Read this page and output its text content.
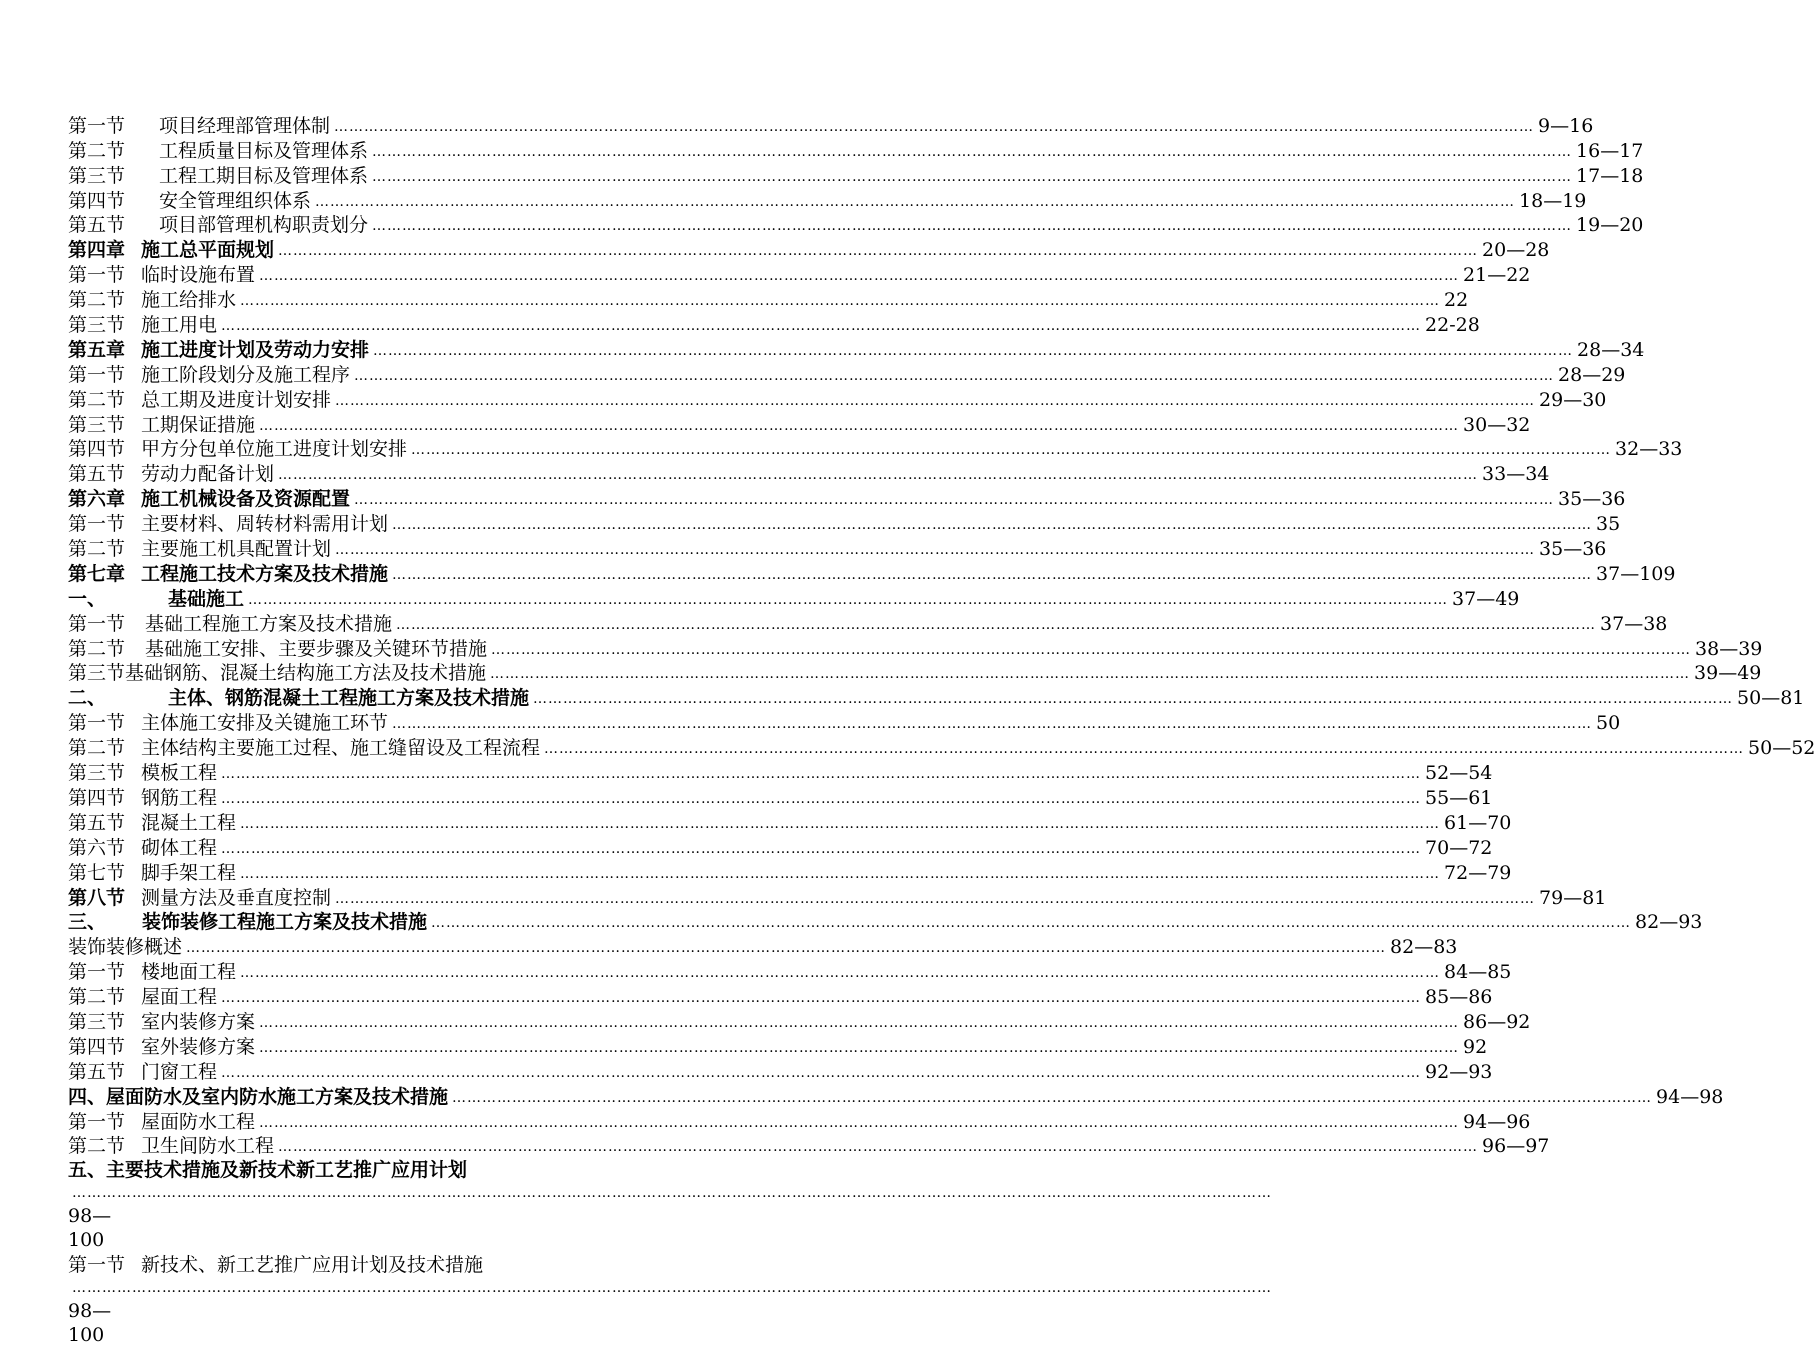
第一节 项目经理部管理体制 …………………………………………………………………………………………………………………………………………………………………………………………………………………… 9—16
第二节 工程质量目标及管理体系 …………………………………………………………………………………………………………………………………………………………………………………………………………………… 16—17
第三节 工程工期目标及管理体系 …………………………………………………………………………………………………………………………………………………………………………………………………………………… 17—18
第四节 安全管理组织体系 …………………………………………………………………………………………………………………………………………………………………………………………………………………… 18—19
第五节 项目部管理机构职责划分 …………………………………………………………………………………………………………………………………………………………………………………………………………………… 19—20
第四章 施工总平面规划 …………………………………………………………………………………………………………………………………………………………………………………………………………………… 20—28
第一节 临时设施布置 …………………………………………………………………………………………………………………………………………………………………………………………………………………… 21—22
第二节 施工给排水 …………………………………………………………………………………………………………………………………………………………………………………………………………………… 22
第三节 施工用电 …………………………………………………………………………………………………………………………………………………………………………………………………………………… 22-28
第五章 施工进度计划及劳动力安排 …………………………………………………………………………………………………………………………………………………………………………………………………………………… 28—34
第一节 施工阶段划分及施工程序 …………………………………………………………………………………………………………………………………………………………………………………………………………………… 28—29
第二节 总工期及进度计划安排 …………………………………………………………………………………………………………………………………………………………………………………………………………………… 29—30
第三节 工期保证措施 …………………………………………………………………………………………………………………………………………………………………………………………………………………… 30—32
第四节 甲方分包单位施工进度计划安排 …………………………………………………………………………………………………………………………………………………………………………………………………………………… 32—33
第五节 劳动力配备计划 …………………………………………………………………………………………………………………………………………………………………………………………………………………… 33—34
第六章 施工机械设备及资源配置 …………………………………………………………………………………………………………………………………………………………………………………………………………………… 35—36
第一节 主要材料、周转材料需用计划 …………………………………………………………………………………………………………………………………………………………………………………………………………………… 35
第二节 主要施工机具配置计划 …………………………………………………………………………………………………………………………………………………………………………………………………………………… 35—36
第七章 工程施工技术方案及技术措施 …………………………………………………………………………………………………………………………………………………………………………………………………………………… 37—109
一、	基础施工 …………………………………………………………………………………………………………………………………………………………………………………………………………………… 37—49
第一节 基础工程施工方案及技术措施 …………………………………………………………………………………………………………………………………………………………………………………………………………………… 37—38
第二节 基础施工安排、主要步骤及关键环节措施 …………………………………………………………………………………………………………………………………………………………………………………………………………………… 38—39
第三节基础钢筋、混凝土结构施工方法及技术措施 …………………………………………………………………………………………………………………………………………………………………………………………………………………… 39—49
二、	主体、钢筋混凝土工程施工方案及技术措施 …………………………………………………………………………………………………………………………………………………………………………………………………………………… 50—81
第一节 主体施工安排及关键施工环节 …………………………………………………………………………………………………………………………………………………………………………………………………………………… 50
第二节 主体结构主要施工过程、施工缝留设及工程流程 …………………………………………………………………………………………………………………………………………………………………………………………………………………… 50—52
第三节 模板工程 …………………………………………………………………………………………………………………………………………………………………………………………………………………… 52—54
第四节 钢筋工程 …………………………………………………………………………………………………………………………………………………………………………………………………………………… 55—61
第五节 混凝土工程 …………………………………………………………………………………………………………………………………………………………………………………………………………………… 61—70
第六节 砌体工程 …………………………………………………………………………………………………………………………………………………………………………………………………………………… 70—72
第七节 脚手架工程 …………………………………………………………………………………………………………………………………………………………………………………………………………………… 72—79
第八节 测量方法及垂直度控制 …………………………………………………………………………………………………………………………………………………………………………………………………………………… 79—81
三、 装饰装修工程施工方案及技术措施 …………………………………………………………………………………………………………………………………………………………………………………………………………………… 82—93
装饰装修概述 …………………………………………………………………………………………………………………………………………………………………………………………………………………… 82—83
第一节 楼地面工程 …………………………………………………………………………………………………………………………………………………………………………………………………………………… 84—85
第二节 屋面工程 …………………………………………………………………………………………………………………………………………………………………………………………………………………… 85—86
第三节 室内装修方案 …………………………………………………………………………………………………………………………………………………………………………………………………………………… 86—92
第四节 室外装修方案 …………………………………………………………………………………………………………………………………………………………………………………………………………………… 92
第五节 门窗工程 …………………………………………………………………………………………………………………………………………………………………………………………………………………… 92—93
四、屋面防水及室内防水施工方案及技术措施 …………………………………………………………………………………………………………………………………………………………………………………………………………………… 94—98
第一节 屋面防水工程 …………………………………………………………………………………………………………………………………………………………………………………………………………………… 94—96
第二节 卫生间防水工程 …………………………………………………………………………………………………………………………………………………………………………………………………………………… 96—97
五、主要技术措施及新技术新工艺推广应用计划
……………………………………………………………………………………………………………………………………………………………………………………………………………………
98—
100
第一节 新技术、新工艺推广应用计划及技术措施
……………………………………………………………………………………………………………………………………………………………………………………………………………………
98—
100
